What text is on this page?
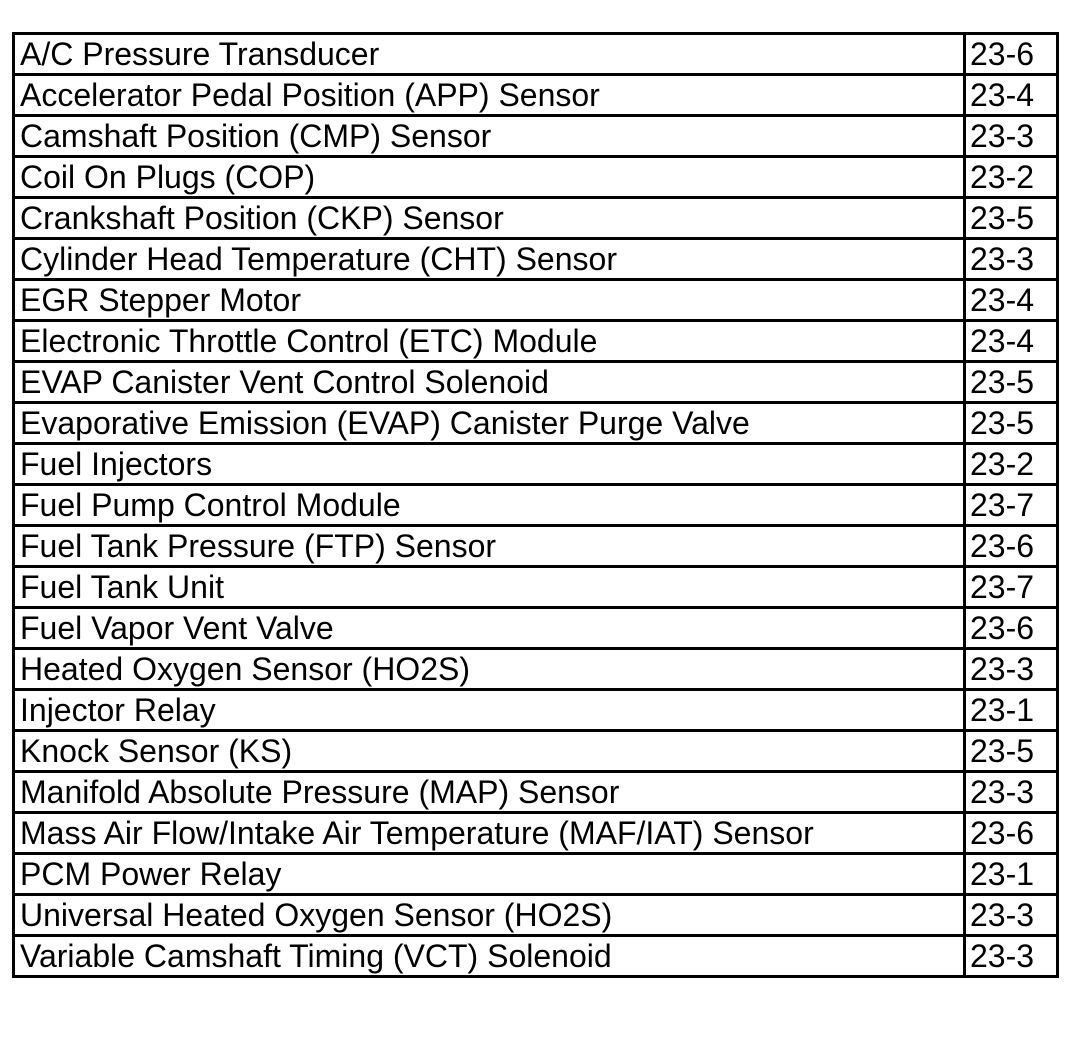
A/C Pressure Transducer	23-6
Accelerator Pedal Position (APP) Sensor	23-4
Camshaft Position (CMP) Sensor	23-3
Coil On Plugs (COP)	23-2
Crankshaft Position (CKP) Sensor	23-5
Cylinder Head Temperature (CHT) Sensor	23-3
EGR Stepper Motor	23-4
Electronic Throttle Control (ETC) Module	23-4
EVAP Canister Vent Control Solenoid	23-5
Evaporative Emission (EVAP) Canister Purge Valve	23-5
Fuel Injectors	23-2
Fuel Pump Control Module	23-7
Fuel Tank Pressure (FTP) Sensor	23-6
Fuel Tank Unit	23-7
Fuel Vapor Vent Valve	23-6
Heated Oxygen Sensor (HO2S)	23-3
Injector Relay	23-1
Knock Sensor (KS)	23-5
Manifold Absolute Pressure (MAP) Sensor	23-3
Mass Air Flow/Intake Air Temperature (MAF/IAT) Sensor	23-6
PCM Power Relay	23-1
Universal Heated Oxygen Sensor (HO2S)	23-3
Variable Camshaft Timing (VCT) Solenoid	23-3
